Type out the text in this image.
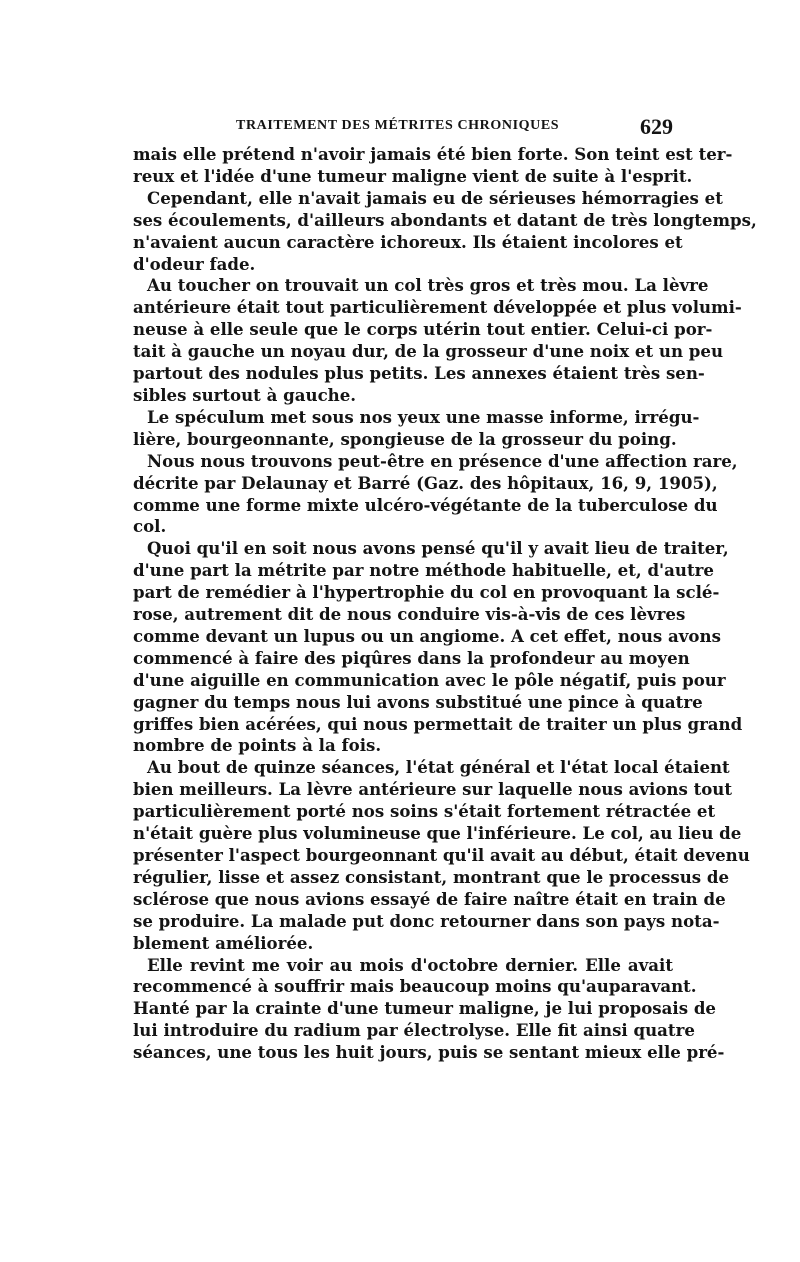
TRAITEMENT DES MÉTRITES CHRONIQUES	629
mais elle prétend n'avoir jamais été bien forte. Son teint est ter-
reux et l'idée d'une tumeur maligne vient de suite à l'esprit.
Cependant, elle n'avait jamais eu de sérieuses hémorragies et
ses écoulements, d'ailleurs abondants et datant de très longtemps,
n'avaient aucun caractère ichoreux. Ils étaient incolores et
d'odeur fade.
Au toucher on trouvait un col très gros et très mou. La lèvre
antérieure était tout particulièrement développée et plus volumi-
neuse à elle seule que le corps utérin tout entier. Celui-ci por-
tait à gauche un noyau dur, de la grosseur d'une noix et un peu
partout des nodules plus petits. Les annexes étaient très sen-
sibles surtout à gauche.
Le spéculum met sous nos yeux une masse informe, irrégu-
lière, bourgeonnante, spongieuse de la grosseur du poing.
Nous nous trouvons peut-être en présence d'une affection rare,
décrite par Delaunay et Barré (Gaz. des hôpitaux, 16, 9, 1905),
comme une forme mixte ulcéro-végétante de la tuberculose du
col.
Quoi qu'il en soit nous avons pensé qu'il y avait lieu de traiter,
d'une part la métrite par notre méthode habituelle, et, d'autre
part de remédier à l'hypertrophie du col en provoquant la sclé-
rose, autrement dit de nous conduire vis-à-vis de ces lèvres
comme devant un lupus ou un angiome. A cet effet, nous avons
commencé à faire des piqûres dans la profondeur au moyen
d'une aiguille en communication avec le pôle négatif, puis pour
gagner du temps nous lui avons substitué une pince à quatre
griffes bien acérées, qui nous permettait de traiter un plus grand
nombre de points à la fois.
Au bout de quinze séances, l'état général et l'état local étaient
bien meilleurs. La lèvre antérieure sur laquelle nous avions tout
particulièrement porté nos soins s'était fortement rétractée et
n'était guère plus volumineuse que l'inférieure. Le col, au lieu de
présenter l'aspect bourgeonnant qu'il avait au début, était devenu
régulier, lisse et assez consistant, montrant que le processus de
sclérose que nous avions essayé de faire naître était en train de
se produire. La malade put donc retourner dans son pays nota-
blement améliorée.
Elle revint me voir au mois d'octobre dernier. Elle avait
recommencé à souffrir mais beaucoup moins qu'auparavant.
Hanté par la crainte d'une tumeur maligne, je lui proposais de
lui introduire du radium par électrolyse. Elle fit ainsi quatre
séances, une tous les huit jours, puis se sentant mieux elle pré-
